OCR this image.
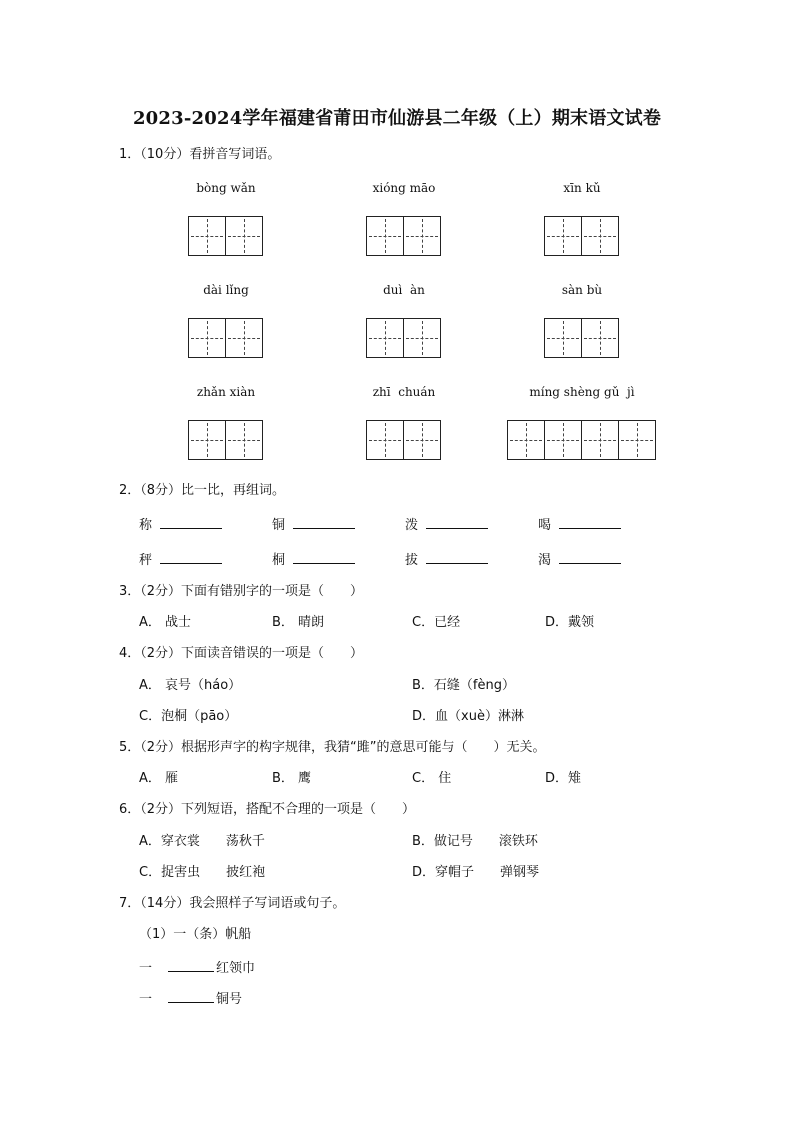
2023-2024学年福建省莆田市仙游县二年级（上）期末语文试卷
1．（10分）看拼音写词语。
bòng wǎn	xióng māo	xīn kǔ
dài lǐng	duì  àn	sàn bù
zhǎn xiàn	zhī  chuán	míng shèng gǔ  jì
2．（8分）比一比，再组词。
称	铜	泼	喝
秤	桐	拔	渴
3．（2分）下面有错别字的一项是（　　）
A． 战士	B． 晴朗	C．已经	D．戴领
4．（2分）下面读音错误的一项是（　　）
A． 哀号（háo）	B．石缝（fèng）
C．泡桐（pāo）	D．血（xuè）淋淋
5．（2分）根据形声字的构字规律，我猜“雎”的意思可能与（　　）无关。
A． 雁	B． 鹰	C． 住	D．雉
6．（2分）下列短语，搭配不合理的一项是（　　）
A．穿衣裳 荡秋千	B．做记号 滚铁环
C．捉害虫 披红袍	D．穿帽子 弹钢琴
7．（14分）我会照样子写词语或句子。
（1）一（条）帆船
一	红领巾
一	铜号
